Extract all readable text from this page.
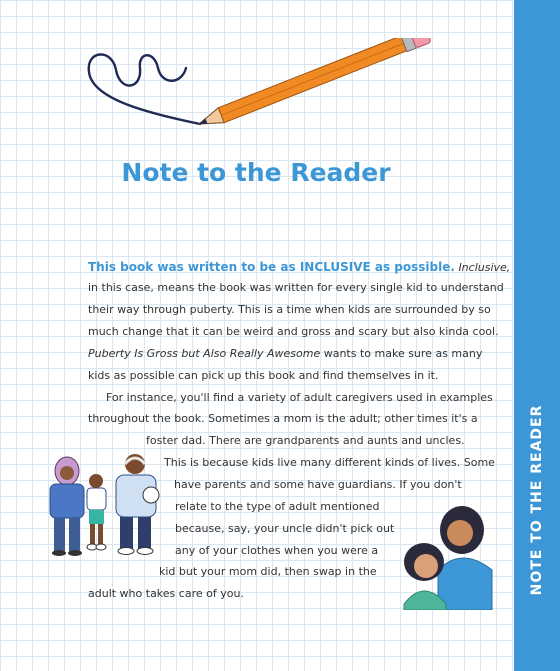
NOTE TO THE READER
Note to the Reader
This book was written to be as INCLUSIVE as possible. Inclusive,
in this case, means the book was written for every single kid to understand
their way through puberty. This is a time when kids are surrounded by so
much change that it can be weird and gross and scary but also kinda cool.
Puberty Is Gross but Also Really Awesome wants to make sure as many
kids as possible can pick up this book and find themselves in it.
For instance, you'll find a variety of adult caregivers used in examples
throughout the book. Sometimes a mom is the adult; other times it's a
foster dad. There are grandparents and aunts and uncles.
This is because kids live many different kinds of lives. Some
have parents and some have guardians. If you don't
relate to the type of adult mentioned
because, say, your uncle didn't pick out
any of your clothes when you were a
kid but your mom did, then swap in the
adult who takes care of you.
